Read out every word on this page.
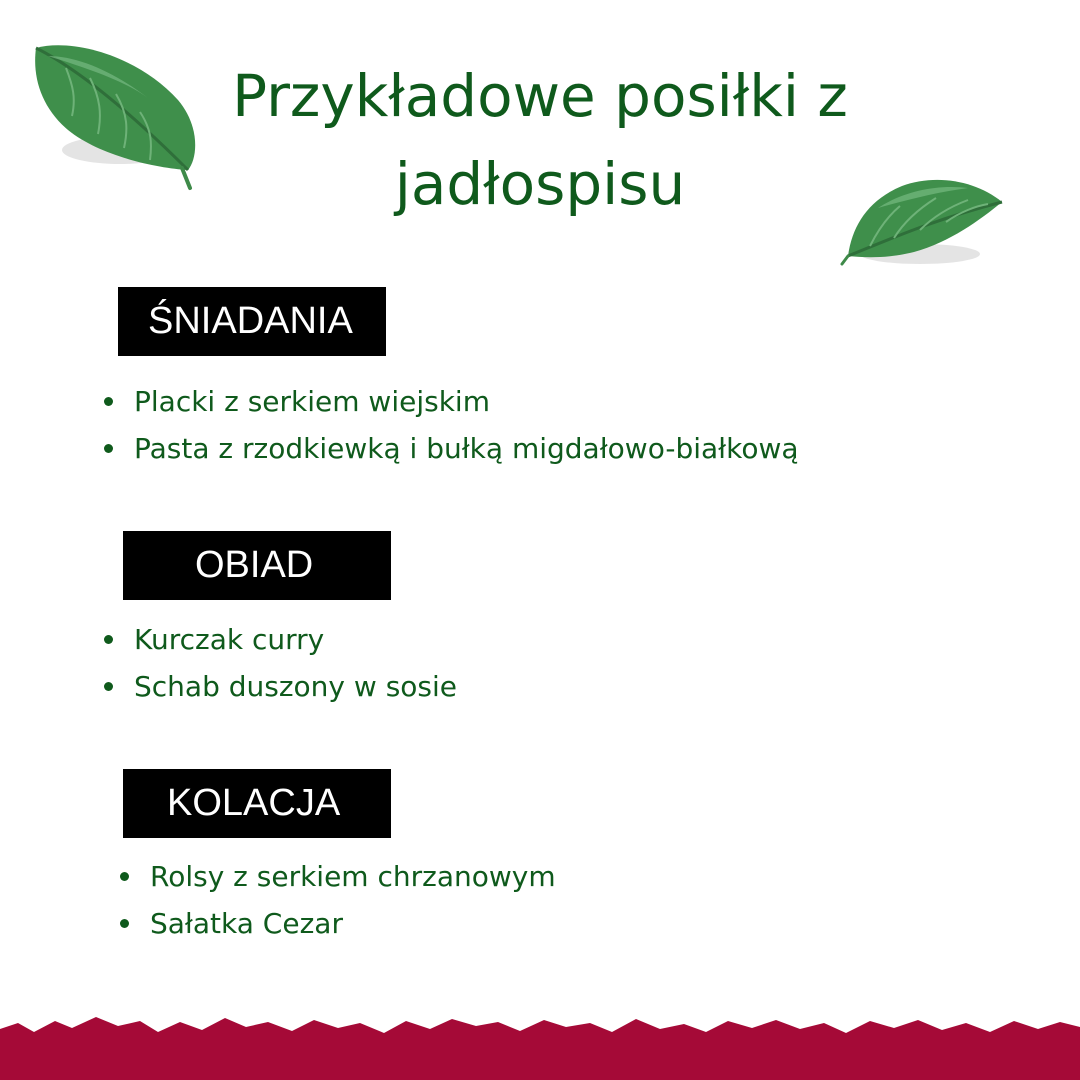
Przykładowe posiłki z jadłospisu
ŚNIADANIA
Placki z serkiem wiejskim
Pasta z rzodkiewką i bułką migdałowo-białkową
OBIAD
Kurczak curry
Schab duszony w sosie
KOLACJA
Rolsy z serkiem chrzanowym
Sałatka Cezar
